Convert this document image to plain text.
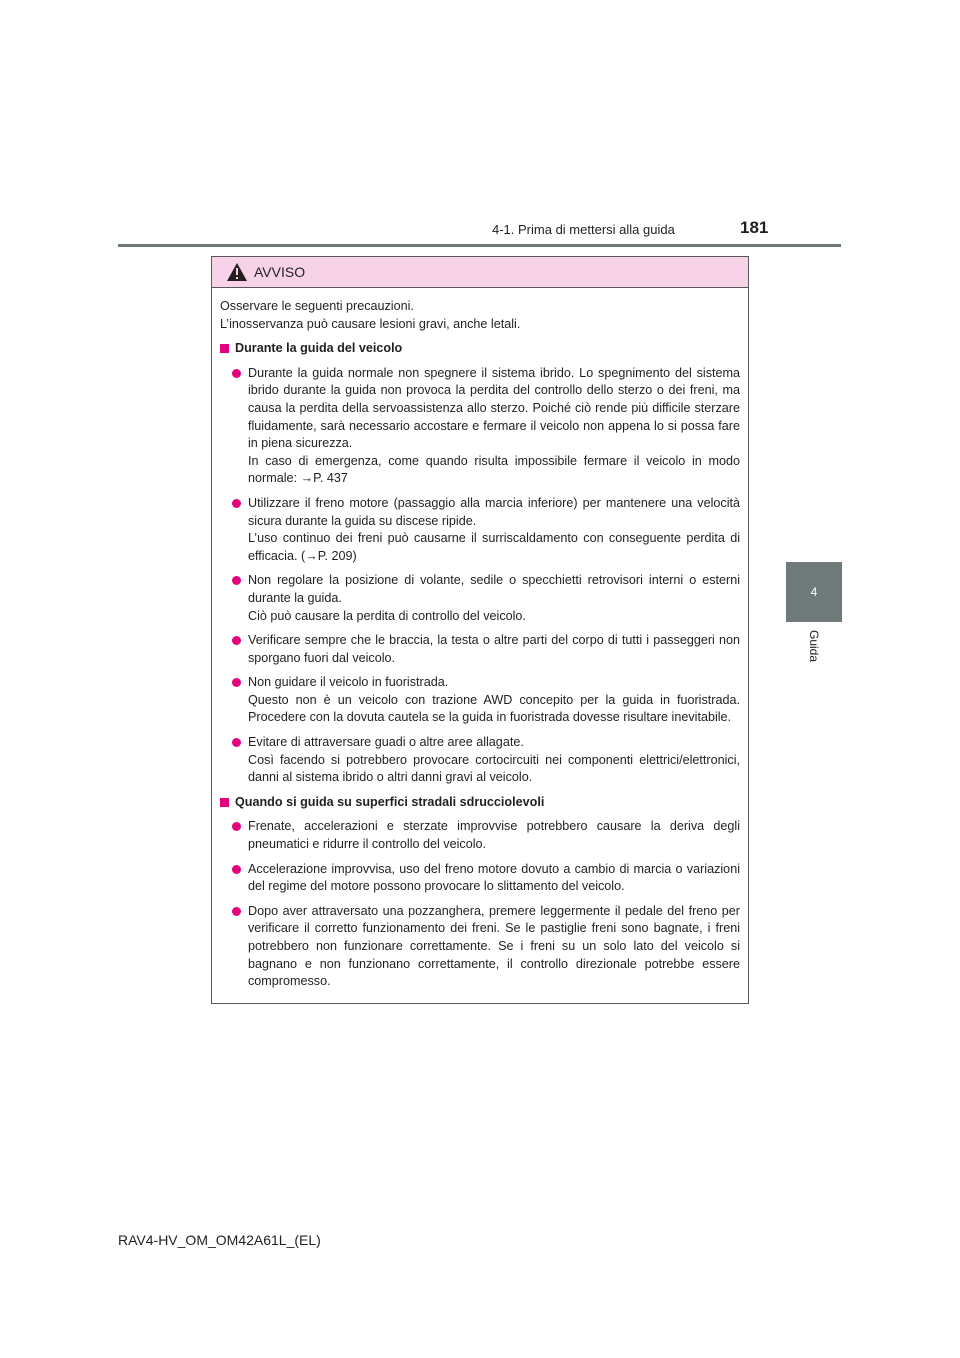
4-1. Prima di mettersi alla guida	181
4
Guida
AVVISO

Osservare le seguenti precauzioni.

L’inosservanza può causare lesioni gravi, anche letali.

Durante la guida del veicolo

Durante la guida normale non spegnere il sistema ibrido. Lo spegnimento del sistema ibrido durante la guida non provoca la perdita del controllo dello sterzo o dei freni, ma causa la perdita della servoassistenza allo sterzo. Poiché ciò rende più difficile sterzare fluidamente, sarà necessario accostare e fermare il veicolo non appena lo si possa fare in piena sicurezza.

In caso di emergenza, come quando risulta impossibile fermare il veicolo in modo normale: →P. 437

Utilizzare il freno motore (passaggio alla marcia inferiore) per mantenere una velocità sicura durante la guida su discese ripide.

L’uso continuo dei freni può causarne il surriscaldamento con conseguente perdita di efficacia. (→P. 209)

Non regolare la posizione di volante, sedile o specchietti retrovisori interni o esterni durante la guida.

Ciò può causare la perdita di controllo del veicolo.

Verificare sempre che le braccia, la testa o altre parti del corpo di tutti i passeggeri non sporgano fuori dal veicolo.

Non guidare il veicolo in fuoristrada.

Questo non è un veicolo con trazione AWD concepito per la guida in fuoristrada. Procedere con la dovuta cautela se la guida in fuoristrada dovesse risultare inevitabile.

Evitare di attraversare guadi o altre aree allagate.

Così facendo si potrebbero provocare cortocircuiti nei componenti elettrici/elettronici, danni al sistema ibrido o altri danni gravi al veicolo.

Quando si guida su superfici stradali sdrucciolevoli

Frenate, accelerazioni e sterzate improvvise potrebbero causare la deriva degli pneumatici e ridurre il controllo del veicolo.

Accelerazione improvvisa, uso del freno motore dovuto a cambio di marcia o variazioni del regime del motore possono provocare lo slittamento del veicolo.

Dopo aver attraversato una pozzanghera, premere leggermente il pedale del freno per verificare il corretto funzionamento dei freni. Se le pastiglie freni sono bagnate, i freni potrebbero non funzionare correttamente. Se i freni su un solo lato del veicolo si bagnano e non funzionano correttamente, il controllo direzionale potrebbe essere compromesso.

RAV4-HV_OM_OM42A61L_(EL)
